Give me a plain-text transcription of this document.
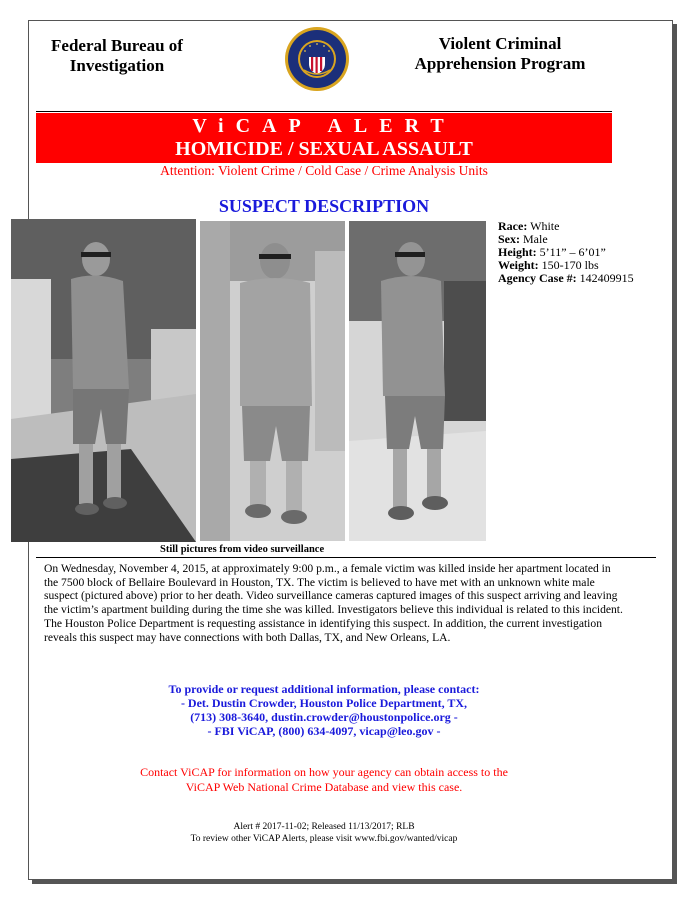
Federal Bureau of
Investigation
Violent Criminal
Apprehension Program
ViCAP ALERT
HOMICIDE / SEXUAL ASSAULT
Attention: Violent Crime / Cold Case / Crime Analysis Units
SUSPECT DESCRIPTION
Race: White
Sex: Male
Height: 5’11” – 6’01”
Weight: 150-170 lbs
Agency Case #: 142409915
Still pictures from video surveillance
On Wednesday, November 4, 2015, at approximately 9:00 p.m., a female victim was killed inside her apartment located in the 7500 block of Bellaire Boulevard in Houston, TX. The victim is believed to have met with an unknown white male suspect (pictured above) prior to her death. Video surveillance cameras captured images of this suspect arriving and leaving the victim’s apartment building during the time she was killed. Investigators believe this individual is related to this incident. The Houston Police Department is requesting assistance in identifying this suspect. In addition, the current investigation reveals this suspect may have connections with both Dallas, TX, and New Orleans, LA.
To provide or request additional information, please contact:
- Det. Dustin Crowder, Houston Police Department, TX,
(713) 308-3640, dustin.crowder@houstonpolice.org -
- FBI ViCAP, (800) 634-4097, vicap@leo.gov -
Contact ViCAP for information on how your agency can obtain access to the
ViCAP Web National Crime Database and view this case.
Alert # 2017-11-02; Released 11/13/2017; RLB
To review other ViCAP Alerts, please visit www.fbi.gov/wanted/vicap
